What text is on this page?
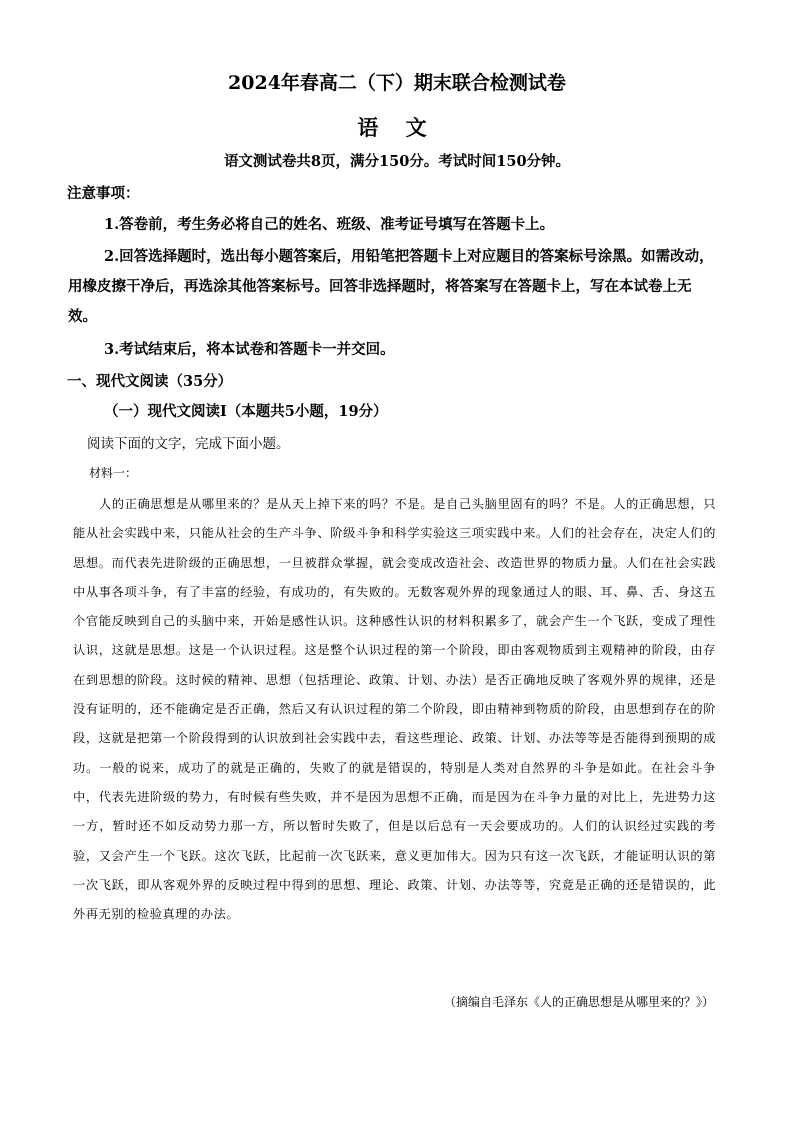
2024年春高二（下）期末联合检测试卷
语 文
语文测试卷共8页，满分150分。考试时间150分钟。
注意事项：
1.答卷前，考生务必将自己的姓名、班级、准考证号填写在答题卡上。
2.回答选择题时，选出每小题答案后，用铅笔把答题卡上对应题目的答案标号涂黑。如需改动，用橡皮擦干净后，再选涂其他答案标号。回答非选择题时，将答案写在答题卡上，写在本试卷上无效。
3.考试结束后，将本试卷和答题卡一并交回。
一、现代文阅读（35分）
（一）现代文阅读Ⅰ（本题共5小题，19分）
阅读下面的文字，完成下面小题。
材料一：
人的正确思想是从哪里来的？是从天上掉下来的吗？不是。是自己头脑里固有的吗？不是。人的正确思想，只能从社会实践中来，只能从社会的生产斗争、阶级斗争和科学实验这三项实践中来。人们的社会存在，决定人们的思想。而代表先进阶级的正确思想，一旦被群众掌握，就会变成改造社会、改造世界的物质力量。人们在社会实践中从事各项斗争，有了丰富的经验，有成功的，有失败的。无数客观外界的现象通过人的眼、耳、鼻、舌、身这五个官能反映到自己的头脑中来，开始是感性认识。这种感性认识的材料积累多了，就会产生一个飞跃，变成了理性认识，这就是思想。这是一个认识过程。这是整个认识过程的第一个阶段，即由客观物质到主观精神的阶段，由存在到思想的阶段。这时候的精神、思想（包括理论、政策、计划、办法）是否正确地反映了客观外界的规律，还是没有证明的，还不能确定是否正确，然后又有认识过程的第二个阶段，即由精神到物质的阶段，由思想到存在的阶段，这就是把第一个阶段得到的认识放到社会实践中去，看这些理论、政策、计划、办法等等是否能得到预期的成功。一般的说来，成功了的就是正确的，失败了的就是错误的，特别是人类对自然界的斗争是如此。在社会斗争中，代表先进阶级的势力，有时候有些失败，并不是因为思想不正确，而是因为在斗争力量的对比上，先进势力这一方，暂时还不如反动势力那一方，所以暂时失败了，但是以后总有一天会要成功的。人们的认识经过实践的考验，又会产生一个飞跃。这次飞跃，比起前一次飞跃来，意义更加伟大。因为只有这一次飞跃，才能证明认识的第一次飞跃，即从客观外界的反映过程中得到的思想、理论、政策、计划、办法等等，究竟是正确的还是错误的，此外再无别的检验真理的办法。
（摘编自毛泽东《人的正确思想是从哪里来的？》）
